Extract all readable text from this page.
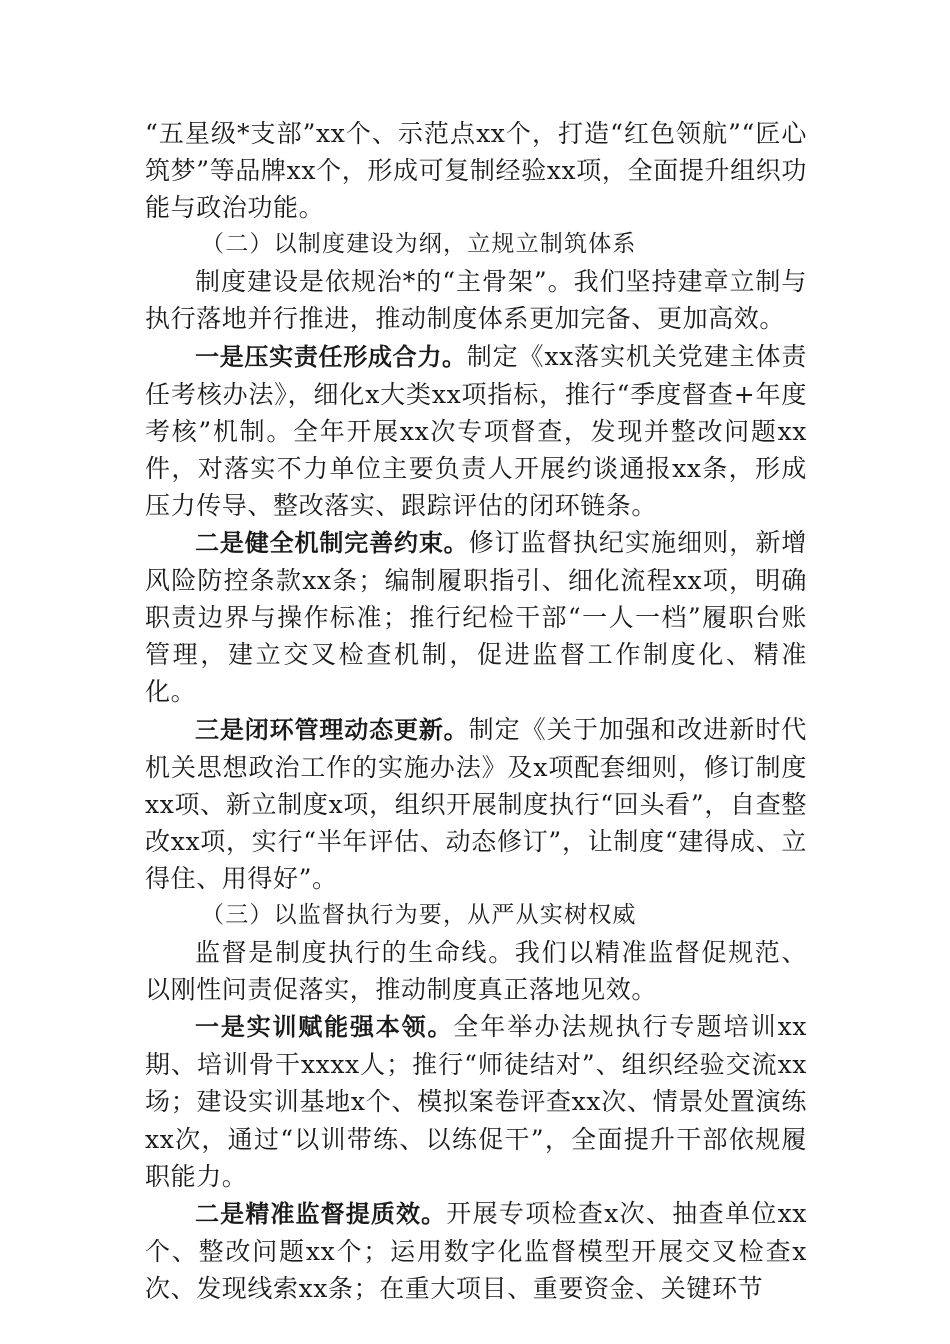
“五星级*支部”xx个、示范点xx个，打造“红色领航”“匠心筑梦”等品牌xx个，形成可复制经验xx项，全面提升组织功能与政治功能。

（二）以制度建设为纲，立规立制筑体系

制度建设是依规治*的“主骨架”。我们坚持建章立制与执行落地并行推进，推动制度体系更加完备、更加高效。

一是压实责任形成合力。制定《xx落实机关党建主体责任考核办法》，细化x大类xx项指标，推行“季度督查+年度考核”机制。全年开展xx次专项督查，发现并整改问题xx件，对落实不力单位主要负责人开展约谈通报xx条，形成压力传导、整改落实、跟踪评估的闭环链条。

二是健全机制完善约束。修订监督执纪实施细则，新增风险防控条款xx条；编制履职指引、细化流程xx项，明确职责边界与操作标准；推行纪检干部“一人一档”履职台账管理，建立交叉检查机制，促进监督工作制度化、精准化。

三是闭环管理动态更新。制定《关于加强和改进新时代机关思想政治工作的实施办法》及x项配套细则，修订制度xx项、新立制度x项，组织开展制度执行“回头看”，自查整改xx项，实行“半年评估、动态修订”，让制度“建得成、立得住、用得好”。

（三）以监督执行为要，从严从实树权威

监督是制度执行的生命线。我们以精准监督促规范、以刚性问责促落实，推动制度真正落地见效。

一是实训赋能强本领。全年举办法规执行专题培训xx期、培训骨干xxxx人；推行“师徒结对”、组织经验交流xx场；建设实训基地x个、模拟案卷评查xx次、情景处置演练xx次，通过“以训带练、以练促干”，全面提升干部依规履职能力。

二是精准监督提质效。开展专项检查x次、抽查单位xx个、整改问题xx个；运用数字化监督模型开展交叉检查x次、发现线索xx条；在重大项目、重要资金、关键环节
